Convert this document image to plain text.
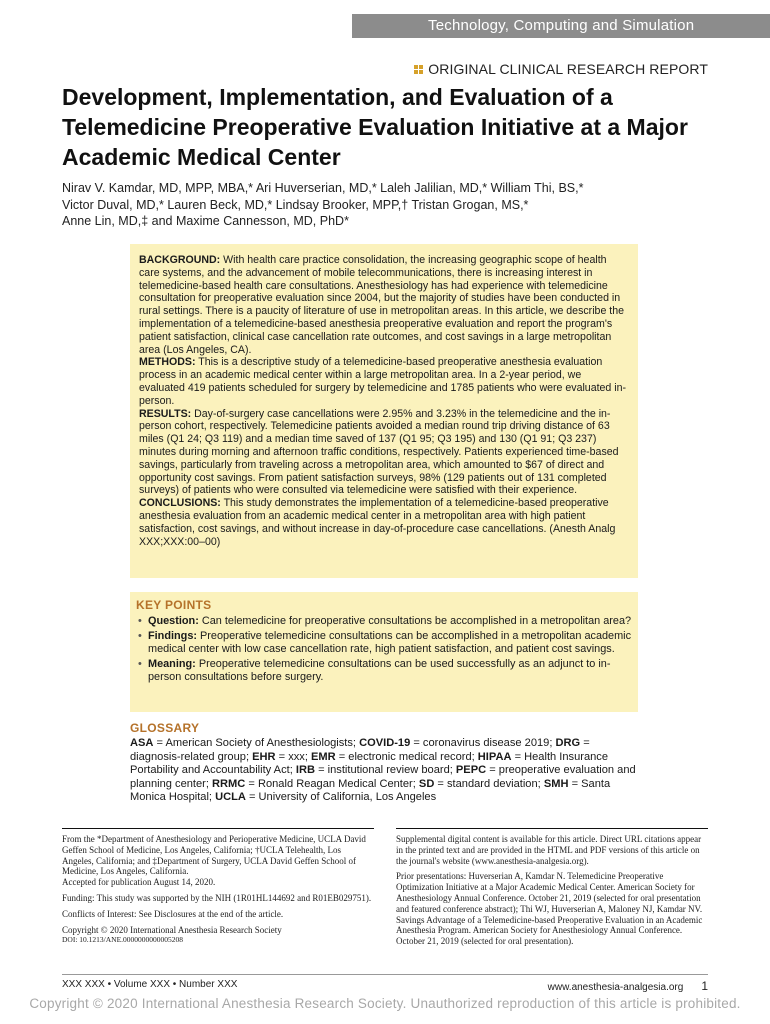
Technology, Computing and Simulation
ORIGINAL CLINICAL RESEARCH REPORT
Development, Implementation, and Evaluation of a Telemedicine Preoperative Evaluation Initiative at a Major Academic Medical Center
Nirav V. Kamdar, MD, MPP, MBA,* Ari Huverserian, MD,* Laleh Jalilian, MD,* William Thi, BS,*
Victor Duval, MD,* Lauren Beck, MD,* Lindsay Brooker, MPP,† Tristan Grogan, MS,*
Anne Lin, MD,‡ and Maxime Cannesson, MD, PhD*

BACKGROUND: With health care practice consolidation, the increasing geographic scope of health care systems, and the advancement of mobile telecommunications, there is increasing interest in telemedicine-based health care consultations. Anesthesiology has had experience with telemedicine consultation for preoperative evaluation since 2004, but the majority of studies have been conducted in rural settings. There is a paucity of literature of use in metropolitan areas. In this article, we describe the implementation of a telemedicine-based anesthesia preoperative evaluation and report the program's patient satisfaction, clinical case cancellation rate outcomes, and cost savings in a large metropolitan area (Los Angeles, CA).

METHODS: This is a descriptive study of a telemedicine-based preoperative anesthesia evaluation process in an academic medical center within a large metropolitan area. In a 2-year period, we evaluated 419 patients scheduled for surgery by telemedicine and 1785 patients who were evaluated in-person.

RESULTS: Day-of-surgery case cancellations were 2.95% and 3.23% in the telemedicine and the in-person cohort, respectively. Telemedicine patients avoided a median round trip driving distance of 63 miles (Q1 24; Q3 119) and a median time saved of 137 (Q1 95; Q3 195) and 130 (Q1 91; Q3 237) minutes during morning and afternoon traffic conditions, respectively. Patients experienced time-based savings, particularly from traveling across a metropolitan area, which amounted to $67 of direct and opportunity cost savings. From patient satisfaction surveys, 98% (129 patients out of 131 completed surveys) of patients who were consulted via telemedicine were satisfied with their experience.

CONCLUSIONS: This study demonstrates the implementation of a telemedicine-based preoperative anesthesia evaluation from an academic medical center in a metropolitan area with high patient satisfaction, cost savings, and without increase in day-of-procedure case cancellations. (Anesth Analg XXX;XXX:00–00)

KEY POINTS
• Question: Can telemedicine for preoperative consultations be accomplished in a metropolitan area?
• Findings: Preoperative telemedicine consultations can be accomplished in a metropolitan academic medical center with low case cancellation rate, high patient satisfaction, and patient cost savings.
• Meaning: Preoperative telemedicine consultations can be used successfully as an adjunct to in-person consultations before surgery.
GLOSSARY
ASA = American Society of Anesthesiologists; COVID-19 = coronavirus disease 2019; DRG = diagnosis-related group; EHR = xxx; EMR = electronic medical record; HIPAA = Health Insurance Portability and Accountability Act; IRB = institutional review board; PEPC = preoperative evaluation and planning center; RRMC = Ronald Reagan Medical Center; SD = standard deviation; SMH = Santa Monica Hospital; UCLA = University of California, Los Angeles

From the *Department of Anesthesiology and Perioperative Medicine, UCLA David Geffen School of Medicine, Los Angeles, California; †UCLA Telehealth, Los Angeles, California; and ‡Department of Surgery, UCLA David Geffen School of Medicine, Los Angeles, California.

Accepted for publication August 14, 2020.

Funding: This study was supported by the NIH (1R01HL144692 and R01EB029751).

Conflicts of Interest: See Disclosures at the end of the article.

Copyright © 2020 International Anesthesia Research Society

DOI: 10.1213/ANE.0000000000005208

Supplemental digital content is available for this article. Direct URL citations appear in the printed text and are provided in the HTML and PDF versions of this article on the journal's website (www.anesthesia-analgesia.org).

Prior presentations: Huverserian A, Kamdar N. Telemedicine Preoperative Optimization Initiative at a Major Academic Medical Center. American Society for Anesthesiology Annual Conference. October 21, 2019 (selected for oral presentation and featured conference abstract); Thi WJ, Huverserian A, Maloney NJ, Kamdar NV. Savings Advantage of a Telemedicine-based Preoperative Evaluation in an Academic Anesthesia Program. American Society for Anesthesiology Annual Conference. October 21, 2019 (selected for oral presentation).

XXX XXX • Volume XXX • Number XXX	www.anesthesia-analgesia.org 1
Copyright © 2020 International Anesthesia Research Society. Unauthorized reproduction of this article is prohibited.
